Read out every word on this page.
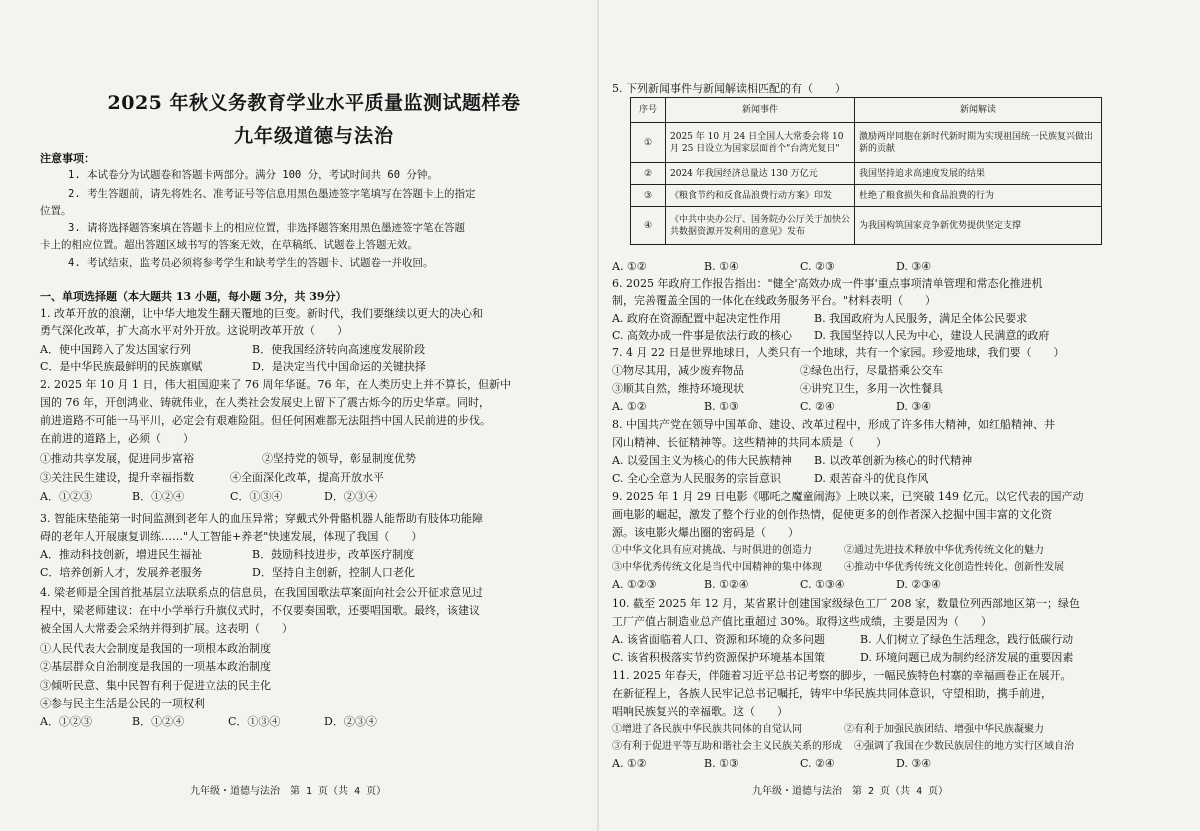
2025 年秋义务教育学业水平质量监测试题样卷
九年级道德与法治
注意事项：
1. 本试卷分为试题卷和答题卡两部分。满分 100 分，考试时间共 60 分钟。
2. 考生答题前，请先将姓名、准考证号等信息用黑色墨迹签字笔填写在答题卡上的指定
位置。
3. 请将选择题答案填在答题卡上的相应位置，非选择题答案用黑色墨迹签字笔在答题
卡上的相应位置。超出答题区域书写的答案无效，在草稿纸、试题卷上答题无效。
4. 考试结束，监考员必须将参考学生和缺考学生的答题卡、试题卷一并收回。
一、单项选择题（本大题共 13 小题，每小题 3分，共 39分）
1. 改革开放的浪潮，让中华大地发生翻天覆地的巨变。新时代，我们要继续以更大的决心和
勇气深化改革，扩大高水平对外开放。这说明改革开放（　　）
A．使中国跨入了发达国家行列	B．使我国经济转向高速度发展阶段
C．是中华民族最鲜明的民族禀赋	D．是决定当代中国命运的关键抉择
2. 2025 年 10 月 1 日，伟大祖国迎来了 76 周年华诞。76 年，在人类历史上并不算长，但新中
国的 76 年，开创鸿业、铸就伟业，在人类社会发展史上留下了震古烁今的历史华章。同时，
前进道路不可能一马平川，必定会有艰难险阻。但任何困难都无法阻挡中国人民前进的步伐。
在前进的道路上，必须（　　）
①推动共享发展，促进同步富裕	②坚持党的领导，彰显制度优势
③关注民生建设，提升幸福指数	④全面深化改革，提高开放水平
A．①②③	B．①②④	C．①③④	D．②③④
3. 智能床垫能第一时间监测到老年人的血压异常；穿戴式外骨骼机器人能帮助有肢体功能障
碍的老年人开展康复训练……"人工智能+养老"快速发展，体现了我国（　　）
A．推动科技创新，增进民生福祉	B．鼓励科技进步，改革医疗制度
C．培养创新人才，发展养老服务	D．坚持自主创新，控制人口老化
4. 梁老师是全国首批基层立法联系点的信息员，在我国国歌法草案面向社会公开征求意见过
程中，梁老师建议：在中小学举行升旗仪式时，不仅要奏国歌，还要唱国歌。最终，该建议
被全国人大常委会采纳并得到扩展。这表明（　　）
①人民代表大会制度是我国的一项根本政治制度
②基层群众自治制度是我国的一项基本政治制度
③倾听民意、集中民智有利于促进立法的民主化
④参与民主生活是公民的一项权利
A．①②③	B．①②④	C．①③④	D．②③④
九年级・道德与法治　第 1 页（共 4 页）
5. 下列新闻事件与新闻解读相匹配的有（　　）
序号	新闻事件	新闻解读
①	2025 年 10 月 24 日全国人大常委会将 10 月 25 日设立为国家层面首个"台湾光复日"	激励两岸同胞在新时代新时期为实现祖国统一民族复兴做出新的贡献
②	2024 年我国经济总量达 130 万亿元	我国坚持追求高速度发展的结果
③	《粮食节约和反食品浪费行动方案》印发	杜绝了粮食损失和食品浪费的行为
④	《中共中央办公厅、国务院办公厅关于加快公共数据资源开发利用的意见》发布	为我国构筑国家竞争新优势提供坚定支撑
A. ①②	B. ①④	C. ②③	D. ③④
6. 2025 年政府工作报告指出："健全'高效办成一件事'重点事项清单管理和常态化推进机
制，完善覆盖全国的一体化在线政务服务平台。"材料表明（　　）
A. 政府在资源配置中起决定性作用	B. 我国政府为人民服务，满足全体公民要求
C. 高效办成一件事是依法行政的核心 D. 我国坚持以人民为中心，建设人民满意的政府
7. 4 月 22 日是世界地球日，人类只有一个地球，共有一个家园。珍爱地球，我们要（　　）
①物尽其用，减少废弃物品	②绿色出行，尽量搭乘公交车
③顺其自然，维持环境现状	④讲究卫生，多用一次性餐具
A. ①②	B. ①③	C. ②④	D. ③④
8. 中国共产党在领导中国革命、建设、改革过程中，形成了许多伟大精神，如红船精神、井
冈山精神、长征精神等。这些精神的共同本质是（　　）
A. 以爱国主义为核心的伟大民族精神 B. 以改革创新为核心的时代精神
C. 全心全意为人民服务的宗旨意识	D. 艰苦奋斗的优良作风
9. 2025 年 1 月 29 日电影《哪吒之魔童闹海》上映以来，已突破 149 亿元。以它代表的国产动
画电影的崛起，激发了整个行业的创作热情，促使更多的创作者深入挖掘中国丰富的文化资
源。该电影火爆出圈的密码是（　　）
①中华文化具有应对挑战、与时俱进的创造力	②通过先进技术释放中华优秀传统文化的魅力
③中华优秀传统文化是当代中国精神的集中体现 ④推动中华优秀传统文化创造性转化、创新性发展
A. ①②③	B. ①②④	C. ①③④	D. ②③④
10. 截至 2025 年 12 月，某省累计创建国家级绿色工厂 208 家，数量位列西部地区第一；绿色
工厂产值占制造业总产值比重超过 30%。取得这些成绩，主要是因为（　　）
A. 该省面临着人口、资源和环境的众多问题	B. 人们树立了绿色生活理念，践行低碳行动
C. 该省积极落实节约资源保护环境基本国策	D. 环境问题已成为制约经济发展的重要因素
11. 2025 年春天，伴随着习近平总书记考察的脚步，一幅民族特色村寨的幸福画卷正在展开。
在新征程上，各族人民牢记总书记嘱托，铸牢中华民族共同体意识，守望相助，携手前进，
唱响民族复兴的幸福歌。这（　　）
①增进了各民族中华民族共同体的自觉认同	②有利于加强民族团结、增强中华民族凝聚力
③有利于促进平等互助和谐社会主义民族关系的形成 ④强调了我国在少数民族居住的地方实行区域自治
A. ①②	B. ①③	C. ②④	D. ③④
九年级・道德与法治　第 2 页（共 4 页）
